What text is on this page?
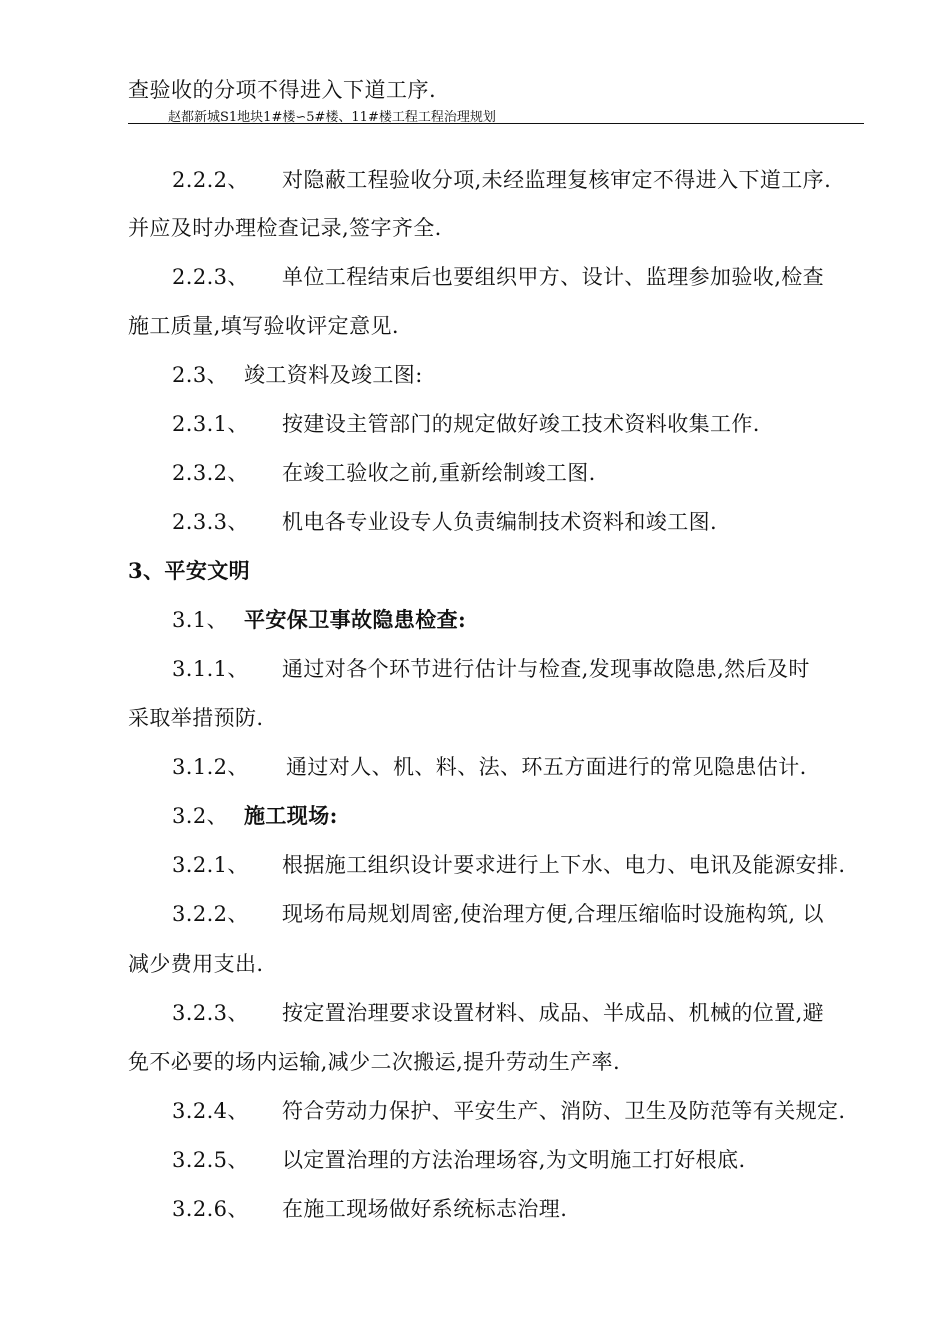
查验收的分项不得进入下道工序.
赵都新城S1地块1#楼∽5#楼、11#楼工程工程治理规划
2.2.2、 对隐蔽工程验收分项,未经监理复核审定不得进入下道工序.
并应及时办理检查记录,签字齐全.
2.2.3、 单位工程结束后也要组织甲方、设计、监理参加验收,检查
施工质量,填写验收评定意见.
2.3、 竣工资料及竣工图:
2.3.1、 按建设主管部门的规定做好竣工技术资料收集工作.
2.3.2、 在竣工验收之前,重新绘制竣工图.
2.3.3、 机电各专业设专人负责编制技术资料和竣工图.
3、平安文明
3.1、 平安保卫事故隐患检查:
3.1.1、 通过对各个环节进行估计与检查,发现事故隐患,然后及时
采取举措预防.
3.1.2、 通过对人、机、料、法、环五方面进行的常见隐患估计.
3.2、 施工现场:
3.2.1、 根据施工组织设计要求进行上下水、电力、电讯及能源安排.
3.2.2、 现场布局规划周密,使治理方便,合理压缩临时设施构筑, 以
减少费用支出.
3.2.3、 按定置治理要求设置材料、成品、半成品、机械的位置,避
免不必要的场内运输,减少二次搬运,提升劳动生产率.
3.2.4、 符合劳动力保护、平安生产、消防、卫生及防范等有关规定.
3.2.5、 以定置治理的方法治理场容,为文明施工打好根底.
3.2.6、 在施工现场做好系统标志治理.
